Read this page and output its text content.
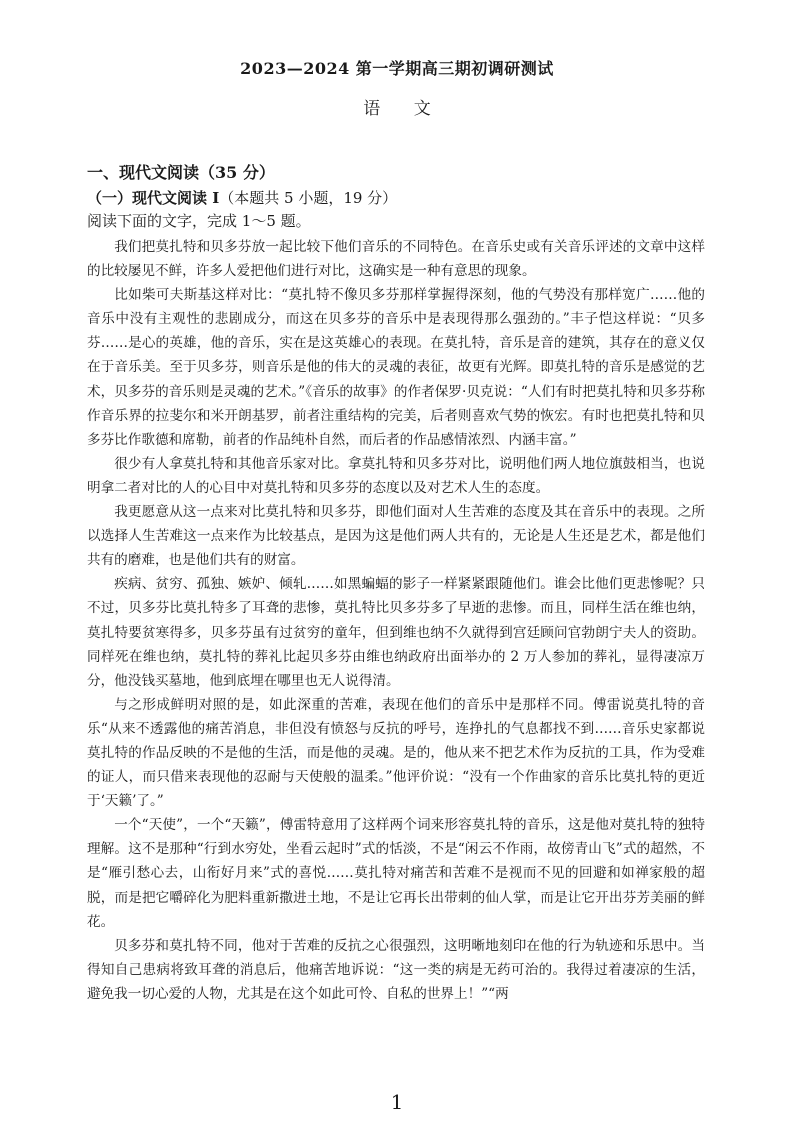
2023—2024 第一学期高三期初调研测试
语 文

一、现代文阅读（35 分）

（一）现代文阅读 I（本题共 5 小题，19 分）

阅读下面的文字，完成 1～5 题。

我们把莫扎特和贝多芬放一起比较下他们音乐的不同特色。在音乐史或有关音乐评述的文章中这样的比较屡见不鲜，许多人爱把他们进行对比，这确实是一种有意思的现象。

比如柴可夫斯基这样对比：“莫扎特不像贝多芬那样掌握得深刻，他的气势没有那样宽广……他的音乐中没有主观性的悲剧成分，而这在贝多芬的音乐中是表现得那么强劲的。”丰子恺这样说：“贝多芬……是心的英雄，他的音乐，实在是这英雄心的表现。在莫扎特，音乐是音的建筑，其存在的意义仅在于音乐美。至于贝多芬，则音乐是他的伟大的灵魂的表征，故更有光辉。即莫扎特的音乐是感觉的艺术，贝多芬的音乐则是灵魂的艺术。”《音乐的故事》的作者保罗·贝克说：“人们有时把莫扎特和贝多芬称作音乐界的拉斐尔和米开朗基罗，前者注重结构的完美，后者则喜欢气势的恢宏。有时也把莫扎特和贝多芬比作歌德和席勒，前者的作品纯朴自然，而后者的作品感情浓烈、内涵丰富。”

很少有人拿莫扎特和其他音乐家对比。拿莫扎特和贝多芬对比，说明他们两人地位旗鼓相当，也说明拿二者对比的人的心目中对莫扎特和贝多芬的态度以及对艺术人生的态度。

我更愿意从这一点来对比莫扎特和贝多芬，即他们面对人生苦难的态度及其在音乐中的表现。之所以选择人生苦难这一点来作为比较基点，是因为这是他们两人共有的，无论是人生还是艺术，都是他们共有的磨难，也是他们共有的财富。

疾病、贫穷、孤独、嫉妒、倾轧……如黑蝙蝠的影子一样紧紧跟随他们。谁会比他们更悲惨呢？只不过，贝多芬比莫扎特多了耳聋的悲惨，莫扎特比贝多芬多了早逝的悲惨。而且，同样生活在维也纳，莫扎特要贫寒得多，贝多芬虽有过贫穷的童年，但到维也纳不久就得到宫廷顾问官勃朗宁夫人的资助。同样死在维也纳，莫扎特的葬礼比起贝多芬由维也纳政府出面举办的 2 万人参加的葬礼，显得凄凉万分，他没钱买墓地，他到底埋在哪里也无人说得清。

与之形成鲜明对照的是，如此深重的苦难，表现在他们的音乐中是那样不同。傅雷说莫扎特的音乐“从来不透露他的痛苦消息，非但没有愤怒与反抗的呼号，连挣扎的气息都找不到……音乐史家都说莫扎特的作品反映的不是他的生活，而是他的灵魂。是的，他从来不把艺术作为反抗的工具，作为受难的证人，而只借来表现他的忍耐与天使般的温柔。”他评价说：“没有一个作曲家的音乐比莫扎特的更近于‘天籁’了。”

一个“天使”，一个“天籁”，傅雷特意用了这样两个词来形容莫扎特的音乐，这是他对莫扎特的独特理解。这不是那种“行到水穷处，坐看云起时”式的恬淡，不是“闲云不作雨，故傍青山飞”式的超然，不是“雁引愁心去，山衔好月来”式的喜悦……莫扎特对痛苦和苦难不是视而不见的回避和如禅家般的超脱，而是把它嚼碎化为肥料重新撒进土地，不是让它再长出带刺的仙人掌，而是让它开出芬芳美丽的鲜花。

贝多芬和莫扎特不同，他对于苦难的反抗之心很强烈，这明晰地刻印在他的行为轨迹和乐思中。当得知自己患病将致耳聋的消息后，他痛苦地诉说：“这一类的病是无药可治的。我得过着凄凉的生活，避免我一切心爱的人物，尤其是在这个如此可怜、自私的世界上！”“两

1
